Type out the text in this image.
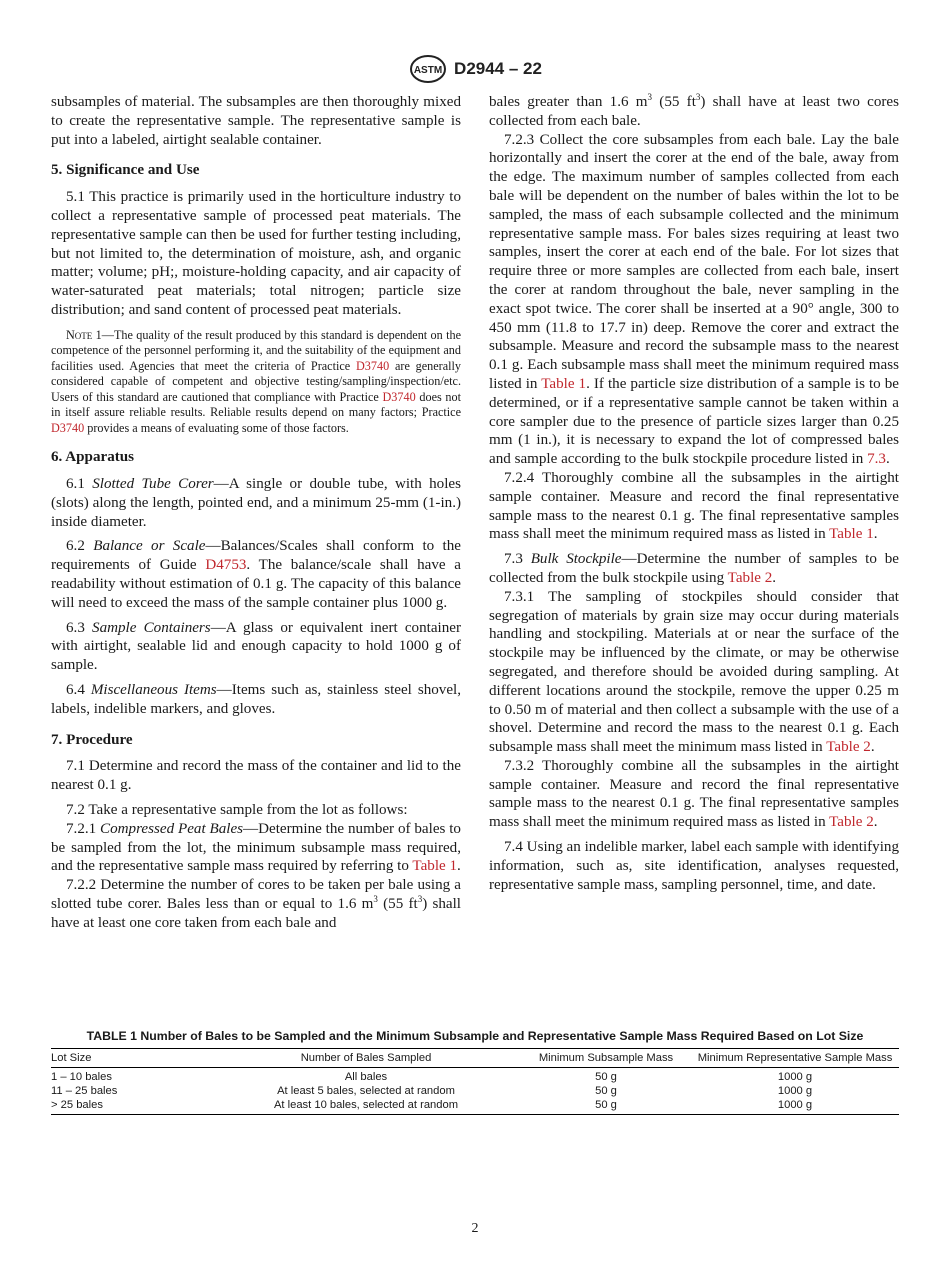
ASTM D2944 – 22

subsamples of material. The subsamples are then thoroughly mixed to create the representative sample. The representative sample is put into a labeled, airtight sealable container.

5. Significance and Use

5.1 This practice is primarily used in the horticulture industry to collect a representative sample of processed peat materials. The representative sample can then be used for further testing including, but not limited to, the determination of moisture, ash, and organic matter; volume; pH;, moisture-holding capacity, and air capacity of water-saturated peat materials; total nitrogen; particle size distribution; and sand content of processed peat materials.

Note 1—The quality of the result produced by this standard is dependent on the competence of the personnel performing it, and the suitability of the equipment and facilities used. Agencies that meet the criteria of Practice D3740 are generally considered capable of competent and objective testing/sampling/inspection/etc. Users of this standard are cautioned that compliance with Practice D3740 does not in itself assure reliable results. Reliable results depend on many factors; Practice D3740 provides a means of evaluating some of those factors.

6. Apparatus

6.1 Slotted Tube Corer—A single or double tube, with holes (slots) along the length, pointed end, and a minimum 25-mm (1-in.) inside diameter.

6.2 Balance or Scale—Balances/Scales shall conform to the requirements of Guide D4753. The balance/scale shall have a readability without estimation of 0.1 g. The capacity of this balance will need to exceed the mass of the sample container plus 1000 g.

6.3 Sample Containers—A glass or equivalent inert container with airtight, sealable lid and enough capacity to hold 1000 g of sample.

6.4 Miscellaneous Items—Items such as, stainless steel shovel, labels, indelible markers, and gloves.

7. Procedure

7.1 Determine and record the mass of the container and lid to the nearest 0.1 g.

7.2 Take a representative sample from the lot as follows:

7.2.1 Compressed Peat Bales—Determine the number of bales to be sampled from the lot, the minimum subsample mass required, and the representative sample mass required by referring to Table 1.

7.2.2 Determine the number of cores to be taken per bale using a slotted tube corer. Bales less than or equal to 1.6 $m^3$ (55 $ft^3$) shall have at least one core taken from each bale and

bales greater than 1.6 $m^3$ (55 $ft^3$) shall have at least two cores collected from each bale.

7.2.3 Collect the core subsamples from each bale. Lay the bale horizontally and insert the corer at the end of the bale, away from the edge. The maximum number of samples collected from each bale will be dependent on the number of bales within the lot to be sampled, the mass of each subsample collected and the minimum representative sample mass. For bales sizes requiring at least two samples, insert the corer at each end of the bale. For lot sizes that require three or more samples are collected from each bale, insert the corer at random throughout the bale, never sampling in the exact spot twice. The corer shall be inserted at a 90° angle, 300 to 450 mm (11.8 to 17.7 in) deep. Remove the corer and extract the subsample. Measure and record the subsample mass to the nearest 0.1 g. Each subsample mass shall meet the minimum required mass listed in Table 1. If the particle size distribution of a sample is to be determined, or if a representative sample cannot be taken within a core sampler due to the presence of particle sizes larger than 0.25 mm (1 in.), it is necessary to expand the lot of compressed bales and sample according to the bulk stockpile procedure listed in 7.3.

7.2.4 Thoroughly combine all the subsamples in the airtight sample container. Measure and record the final representative sample mass to the nearest 0.1 g. The final representative samples mass shall meet the minimum required mass as listed in Table 1.

7.3 Bulk Stockpile—Determine the number of samples to be collected from the bulk stockpile using Table 2.

7.3.1 The sampling of stockpiles should consider that segregation of materials by grain size may occur during materials handling and stockpiling. Materials at or near the surface of the stockpile may be influenced by the climate, or may be otherwise segregated, and therefore should be avoided during sampling. At different locations around the stockpile, remove the upper 0.25 m to 0.50 m of material and then collect a subsample with the use of a shovel. Determine and record the mass to the nearest 0.1 g. Each subsample mass shall meet the minimum mass listed in Table 2.

7.3.2 Thoroughly combine all the subsamples in the airtight sample container. Measure and record the final representative sample mass to the nearest 0.1 g. The final representative samples mass shall meet the minimum required mass as listed in Table 2.

7.4 Using an indelible marker, label each sample with identifying information, such as, site identification, analyses requested, representative sample mass, sampling personnel, time, and date.

TABLE 1 Number of Bales to be Sampled and the Minimum Subsample and Representative Sample Mass Required Based on Lot Size
Lot Size	Number of Bales Sampled	Minimum Subsample Mass	Minimum Representative Sample Mass
1 – 10 bales	All bales	50 g	1000 g
11 – 25 bales	At least 5 bales, selected at random	50 g	1000 g
> 25 bales	At least 10 bales, selected at random	50 g	1000 g
2
